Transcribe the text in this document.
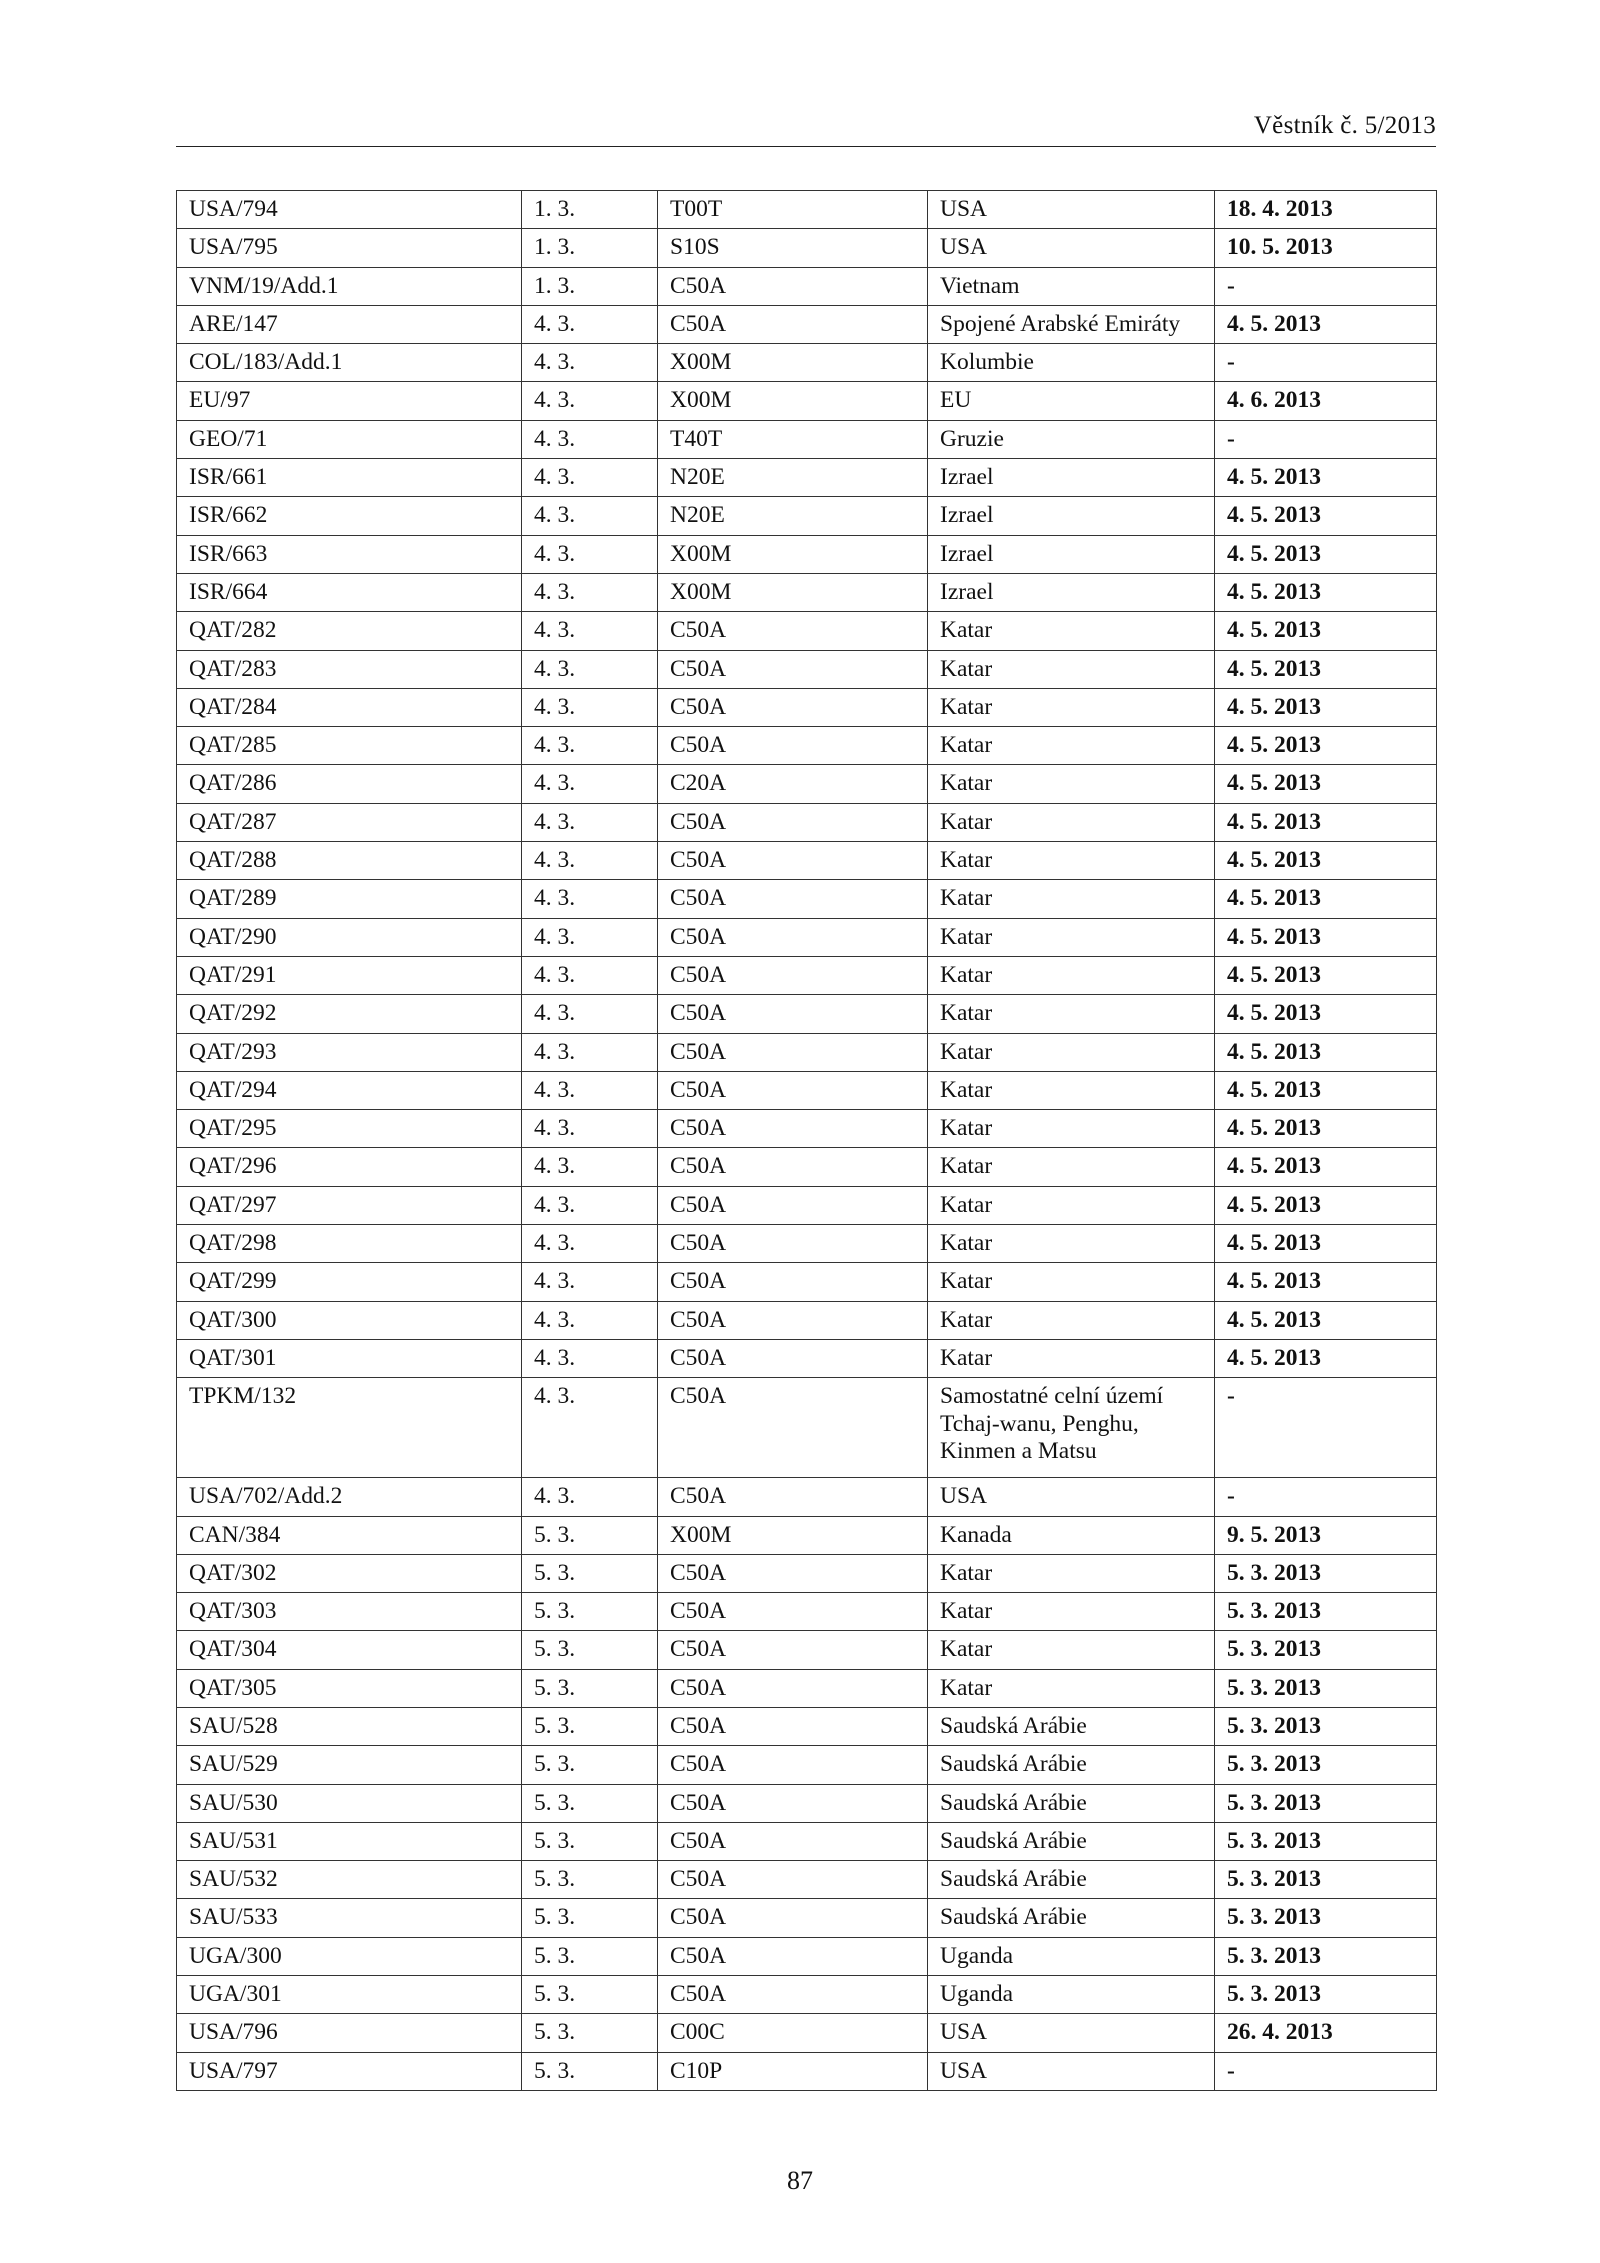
Věstník č. 5/2013
USA/794	1. 3.	T00T	USA	18. 4. 2013
USA/795	1. 3.	S10S	USA	10. 5. 2013
VNM/19/Add.1	1. 3.	C50A	Vietnam	-
ARE/147	4. 3.	C50A	Spojené Arabské Emiráty	4. 5. 2013
COL/183/Add.1	4. 3.	X00M	Kolumbie	-
EU/97	4. 3.	X00M	EU	4. 6. 2013
GEO/71	4. 3.	T40T	Gruzie	-
ISR/661	4. 3.	N20E	Izrael	4. 5. 2013
ISR/662	4. 3.	N20E	Izrael	4. 5. 2013
ISR/663	4. 3.	X00M	Izrael	4. 5. 2013
ISR/664	4. 3.	X00M	Izrael	4. 5. 2013
QAT/282	4. 3.	C50A	Katar	4. 5. 2013
QAT/283	4. 3.	C50A	Katar	4. 5. 2013
QAT/284	4. 3.	C50A	Katar	4. 5. 2013
QAT/285	4. 3.	C50A	Katar	4. 5. 2013
QAT/286	4. 3.	C20A	Katar	4. 5. 2013
QAT/287	4. 3.	C50A	Katar	4. 5. 2013
QAT/288	4. 3.	C50A	Katar	4. 5. 2013
QAT/289	4. 3.	C50A	Katar	4. 5. 2013
QAT/290	4. 3.	C50A	Katar	4. 5. 2013
QAT/291	4. 3.	C50A	Katar	4. 5. 2013
QAT/292	4. 3.	C50A	Katar	4. 5. 2013
QAT/293	4. 3.	C50A	Katar	4. 5. 2013
QAT/294	4. 3.	C50A	Katar	4. 5. 2013
QAT/295	4. 3.	C50A	Katar	4. 5. 2013
QAT/296	4. 3.	C50A	Katar	4. 5. 2013
QAT/297	4. 3.	C50A	Katar	4. 5. 2013
QAT/298	4. 3.	C50A	Katar	4. 5. 2013
QAT/299	4. 3.	C50A	Katar	4. 5. 2013
QAT/300	4. 3.	C50A	Katar	4. 5. 2013
QAT/301	4. 3.	C50A	Katar	4. 5. 2013
TPKM/132	4. 3.	C50A	Samostatné celní území Tchaj-wanu, Penghu, Kinmen a Matsu	-
USA/702/Add.2	4. 3.	C50A	USA	-
CAN/384	5. 3.	X00M	Kanada	9. 5. 2013
QAT/302	5. 3.	C50A	Katar	5. 3. 2013
QAT/303	5. 3.	C50A	Katar	5. 3. 2013
QAT/304	5. 3.	C50A	Katar	5. 3. 2013
QAT/305	5. 3.	C50A	Katar	5. 3. 2013
SAU/528	5. 3.	C50A	Saudská Arábie	5. 3. 2013
SAU/529	5. 3.	C50A	Saudská Arábie	5. 3. 2013
SAU/530	5. 3.	C50A	Saudská Arábie	5. 3. 2013
SAU/531	5. 3.	C50A	Saudská Arábie	5. 3. 2013
SAU/532	5. 3.	C50A	Saudská Arábie	5. 3. 2013
SAU/533	5. 3.	C50A	Saudská Arábie	5. 3. 2013
UGA/300	5. 3.	C50A	Uganda	5. 3. 2013
UGA/301	5. 3.	C50A	Uganda	5. 3. 2013
USA/796	5. 3.	C00C	USA	26. 4. 2013
USA/797	5. 3.	C10P	USA	-
87
